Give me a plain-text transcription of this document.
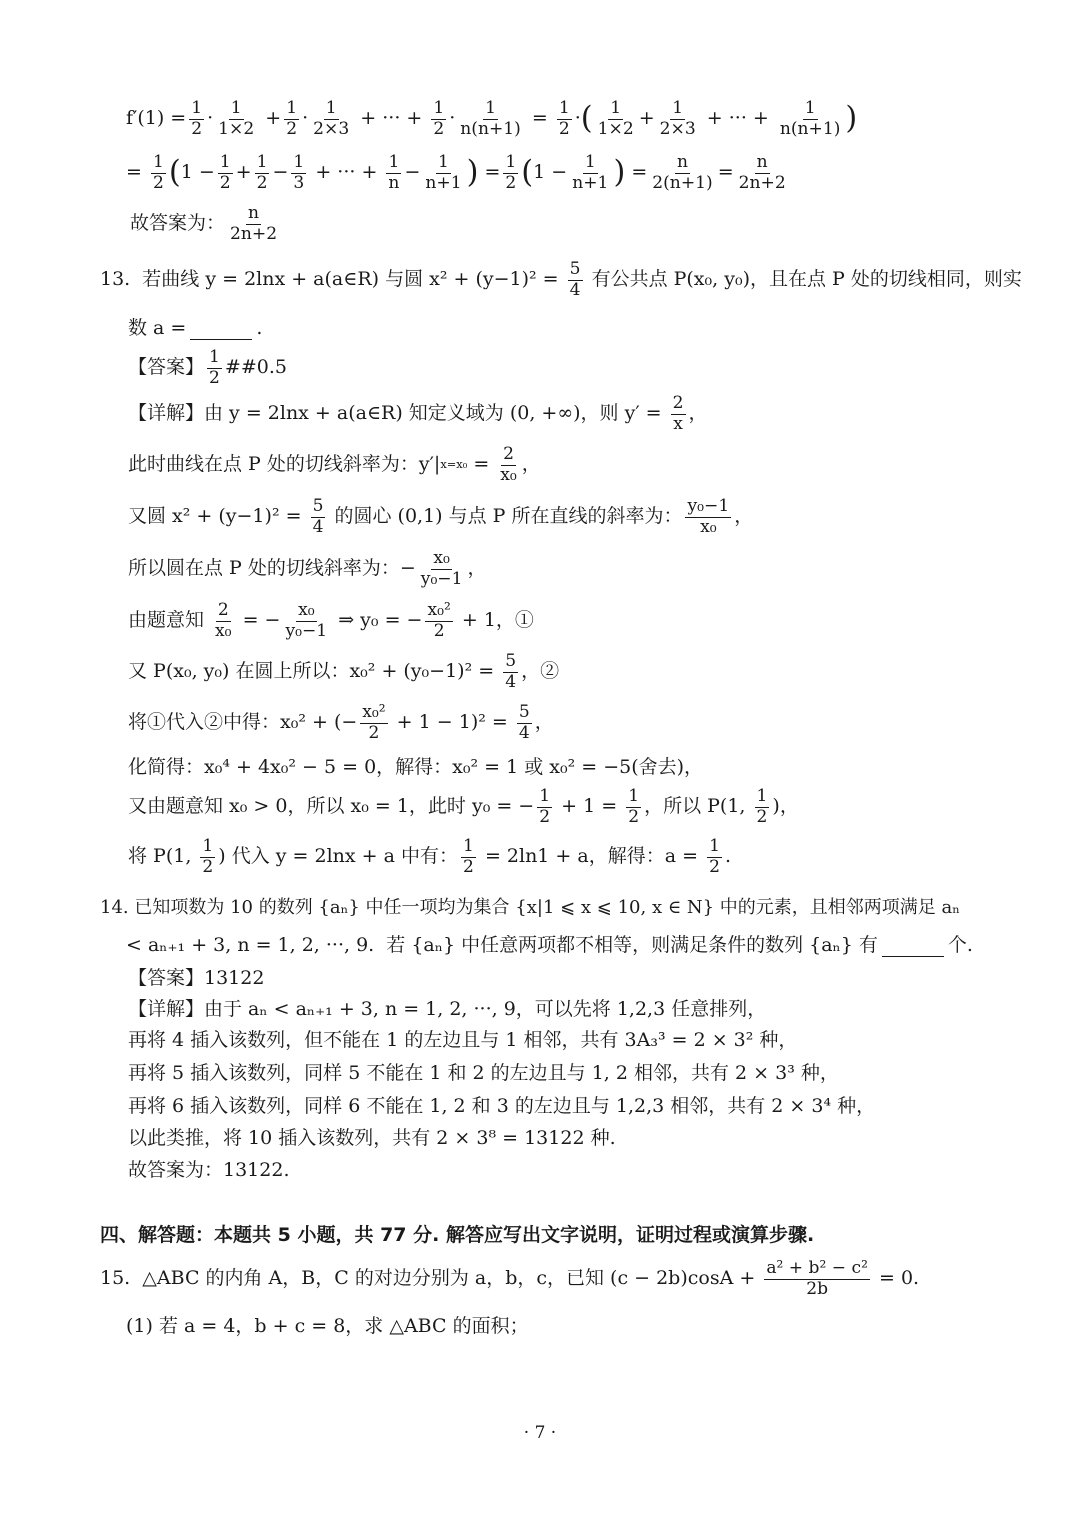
$f'(1) = \frac{1}{2} \cdot 1$
1×2 + 1
2 · 1
2×3 + ··· + $\frac{1}{2} \cdot \frac{1}{n(n+1)} = \frac{1}{2}$ · ( 1
1×2 + 1
2×3 + ··· + $\frac{1}{n(n+1)}$ )
= $\frac{1}{2}$ ( 1 − 1
2 + 1
2 − 1
3 + ··· + $\frac{1}{n} - 1$
n+1 ) = 1
2 ( 1 − 1
n+1 ) = n
2(n+1) = n
2n+2
故答案为： n
2n+2
13.  若曲线 y = 2lnx + a(a∈R) 与圆 $x^2 + (y-1)^2 = \frac{5}{4}$ 有公共点 P(x₀, y₀)，且在点 P 处的切线相同，则实
数 a =	.
【答案】 1
2 ##0.5
【详解】由 y = 2lnx + a(a∈R) 知定义域为 (0, +∞)，则 $y' = \frac{2}{x}$ ，
此时曲线在点 P 处的切线斜率为：y′| $x=x_0 = \frac{2}{\text{x₀}}$ ，
又圆 $x^2 + (y-1)^2 = \frac{5}{4}$ 的圆心 (0,1) 与点 P 所在直线的斜率为： y₀−1
x₀ ，
所以圆在点 P 处的切线斜率为：− $\frac{\text{x₀}}{\text{y₀−1}}$ ，
由题意知 $\frac{2}{\text{x₀}}$ = − $\frac{\text{x₀}}{\text{y₀−1}}$ ⇒ y₀ = − $\frac{\text{x₀²}}{2} + 1$，①
又 P(x₀, y₀) 在圆上所以：$x_0^2 + (y_0-1)^2 = \frac{5}{4}$ ，②
将①代入②中得：x₀² + (− $\frac{\text{x₀²}}{2} + 1 - 1)^2 = \frac{5}{4}$ ，
化简得：x₀⁴ + 4x₀² − 5 = 0，解得：x₀² = 1 或 x₀² = −5(舍去)，
又由题意知 x₀ > 0，所以 x₀ = 1，此时 y₀ = − $\frac{1}{2} + 1 = \frac{1}{2}$ ，所以 P(1, 1
2 )，
将 P(1, 1
2 ) 代入 y = 2lnx + a 中有： $\frac{1}{2} = 2\ln 1 + a$，解得：$a = \frac{1}{2}$ .
14. 已知项数为 10 的数列 {aₙ} 中任一项均为集合 {x|1 ⩽ x ⩽ 10, x ∈ N} 中的元素，且相邻两项满足 aₙ
< aₙ₊₁ + 3, n = 1, 2, ···, 9.  若 {aₙ} 中任意两项都不相等，则满足条件的数列 {aₙ} 有	个.
【答案】13122
【详解】由于 aₙ < aₙ₊₁ + 3, n = 1, 2, ···, 9，可以先将 1,2,3 任意排列，
再将 4 插入该数列，但不能在 1 的左边且与 1 相邻，共有 3A₃³ = 2 × 3² 种，
再将 5 插入该数列，同样 5 不能在 1 和 2 的左边且与 1, 2 相邻，共有 2 × 3³ 种，
再将 6 插入该数列，同样 6 不能在 1, 2 和 3 的左边且与 1,2,3 相邻，共有 2 × 3⁴ 种，
以此类推，将 10 插入该数列，共有 2 × 3⁸ = 13122 种.
故答案为：13122.
四、解答题：本题共 5 小题，共 77 分. 解答应写出文字说明，证明过程或演算步骤.
15.  △ABC 的内角 A，B，C 的对边分别为 a，b，c，已知 $(c - 2b)\cos A + \frac{\text{a² + b² − c²}}{2b} = 0$.
(1) 若 a = 4，b + c = 8，求 △ABC 的面积；
· 7 ·
